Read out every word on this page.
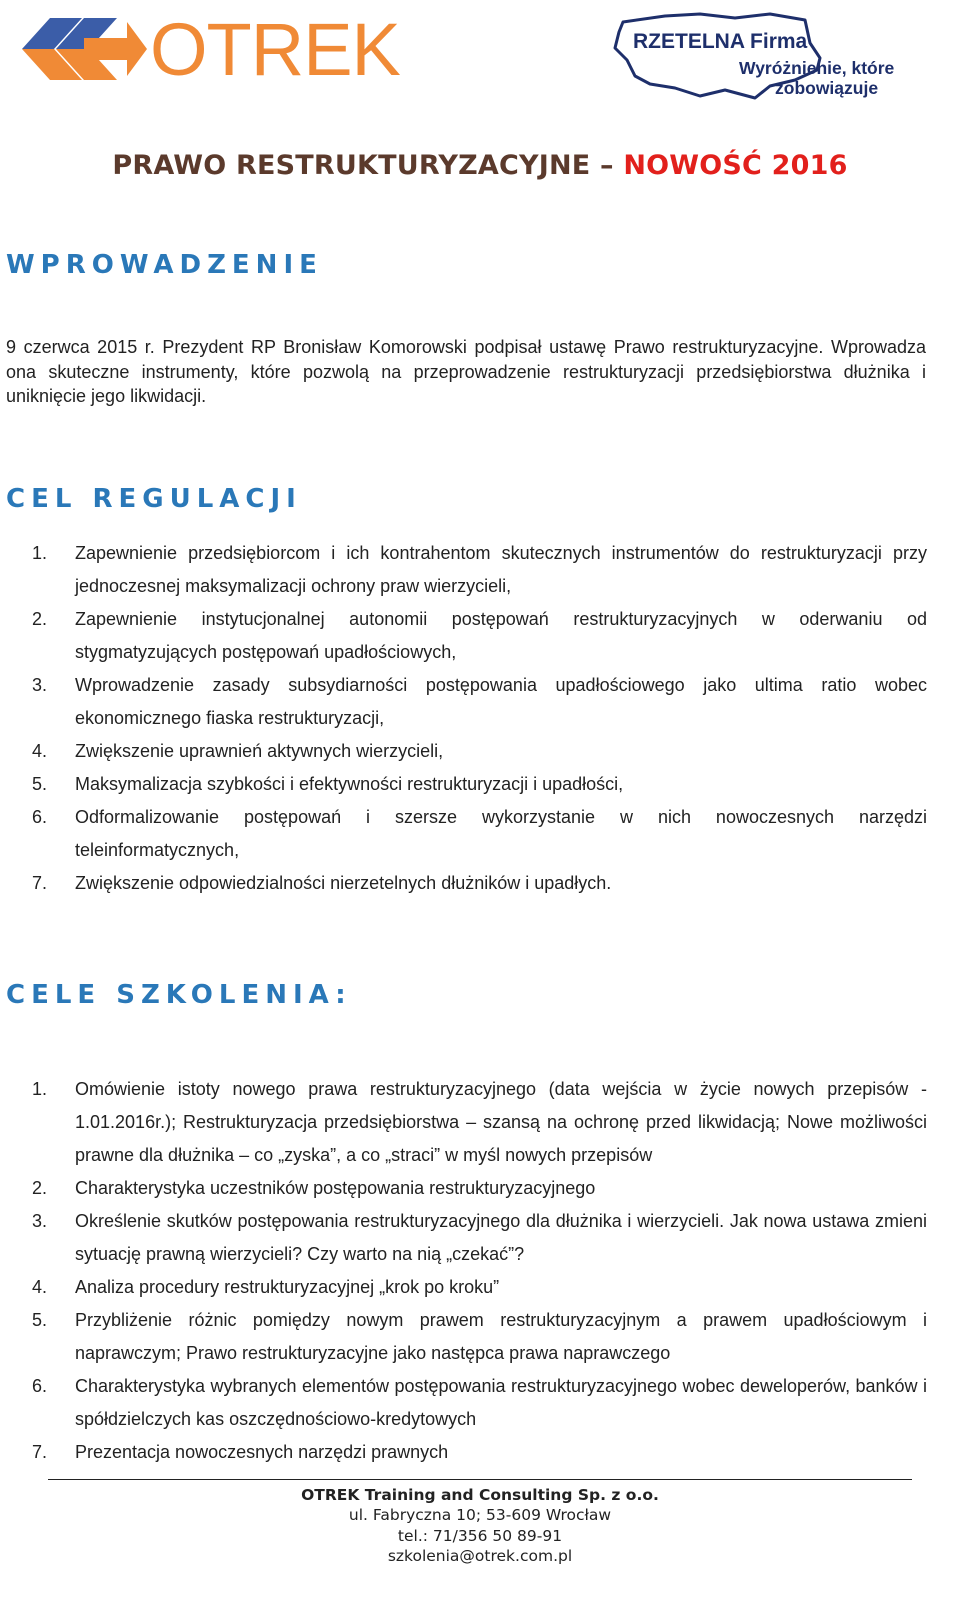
OTREK	RZETELNA Firma
Wyróżnienie, które
zobowiązuje
PRAWO RESTRUKTURYZACYJNE – NOWOŚĆ 2016
WPROWADZENIE
9 czerwca 2015 r. Prezydent RP Bronisław Komorowski podpisał ustawę Prawo restrukturyzacyjne. Wprowadza ona skuteczne instrumenty, które pozwolą na przeprowadzenie restrukturyzacji przedsiębiorstwa dłużnika i uniknięcie jego likwidacji.
CEL REGULACJI
1. Zapewnienie przedsiębiorcom i ich kontrahentom skutecznych instrumentów do restrukturyzacji przy jednoczesnej maksymalizacji ochrony praw wierzycieli,
2. Zapewnienie instytucjonalnej autonomii postępowań restrukturyzacyjnych w oderwaniu od stygmatyzujących postępowań upadłościowych,
3. Wprowadzenie zasady subsydiarności postępowania upadłościowego jako ultima ratio wobec ekonomicznego fiaska restrukturyzacji,
4. Zwiększenie uprawnień aktywnych wierzycieli,
5. Maksymalizacja szybkości i efektywności restrukturyzacji i upadłości,
6. Odformalizowanie postępowań i szersze wykorzystanie w nich nowoczesnych narzędzi teleinformatycznych,
7. Zwiększenie odpowiedzialności nierzetelnych dłużników i upadłych.
CELE SZKOLENIA:
1. Omówienie istoty nowego prawa restrukturyzacyjnego (data wejścia w życie nowych przepisów - 1.01.2016r.); Restrukturyzacja przedsiębiorstwa – szansą na ochronę przed likwidacją; Nowe możliwości prawne dla dłużnika – co „zyska”, a co „straci” w myśl nowych przepisów
2. Charakterystyka uczestników postępowania restrukturyzacyjnego
3. Określenie skutków postępowania restrukturyzacyjnego dla dłużnika i wierzycieli. Jak nowa ustawa zmieni sytuację prawną wierzycieli? Czy warto na nią „czekać”?
4. Analiza procedury restrukturyzacyjnej „krok po kroku”
5. Przybliżenie różnic pomiędzy nowym prawem restrukturyzacyjnym a prawem upadłościowym i naprawczym; Prawo restrukturyzacyjne jako następca prawa naprawczego
6. Charakterystyka wybranych elementów postępowania restrukturyzacyjnego wobec deweloperów, banków i spółdzielczych kas oszczędnościowo-kredytowych
7. Prezentacja nowoczesnych narzędzi prawnych
OTREK Training and Consulting Sp. z o.o.
ul. Fabryczna 10; 53-609 Wrocław
tel.: 71/356 50 89-91
szkolenia@otrek.com.pl
